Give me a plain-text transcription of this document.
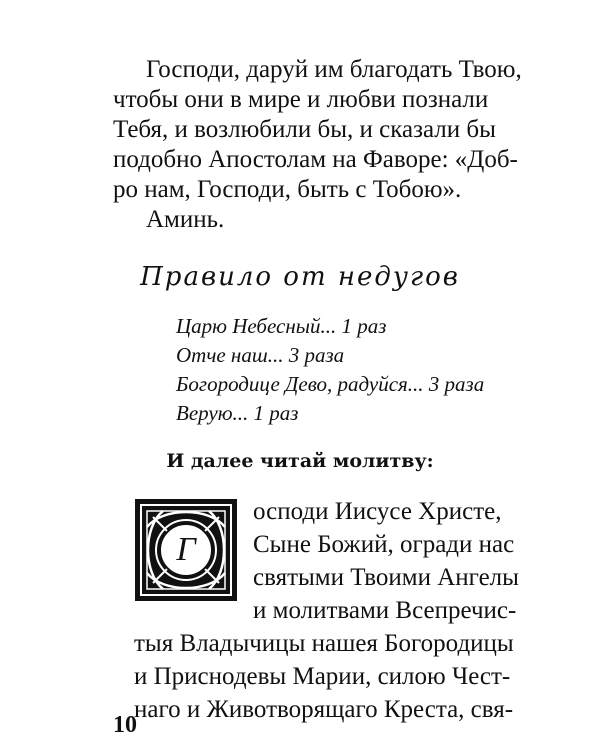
Господи, даруй им благодать Твою,
чтобы они в мире и любви познали
Тебя, и возлюбили бы, и сказали бы
подобно Апостолам на Фаворе: «Доб-
ро нам, Господи, быть с Тобою».
Аминь.
Правило от недугов
Царю Небесный... 1 раз
Отче наш... 3 раза
Богородице Дево, радуйся... 3 раза
Верую... 1 раз
И далее читай молитву:
Г
осподи Иисусе Христе,
Сыне Божий, огради нас
святыми Твоими Ангелы
и молитвами Всепречис-
тыя Владычицы нашея Богородицы
и Приснодевы Марии, силою Чест-
наго и Животворящаго Креста, свя-
10
